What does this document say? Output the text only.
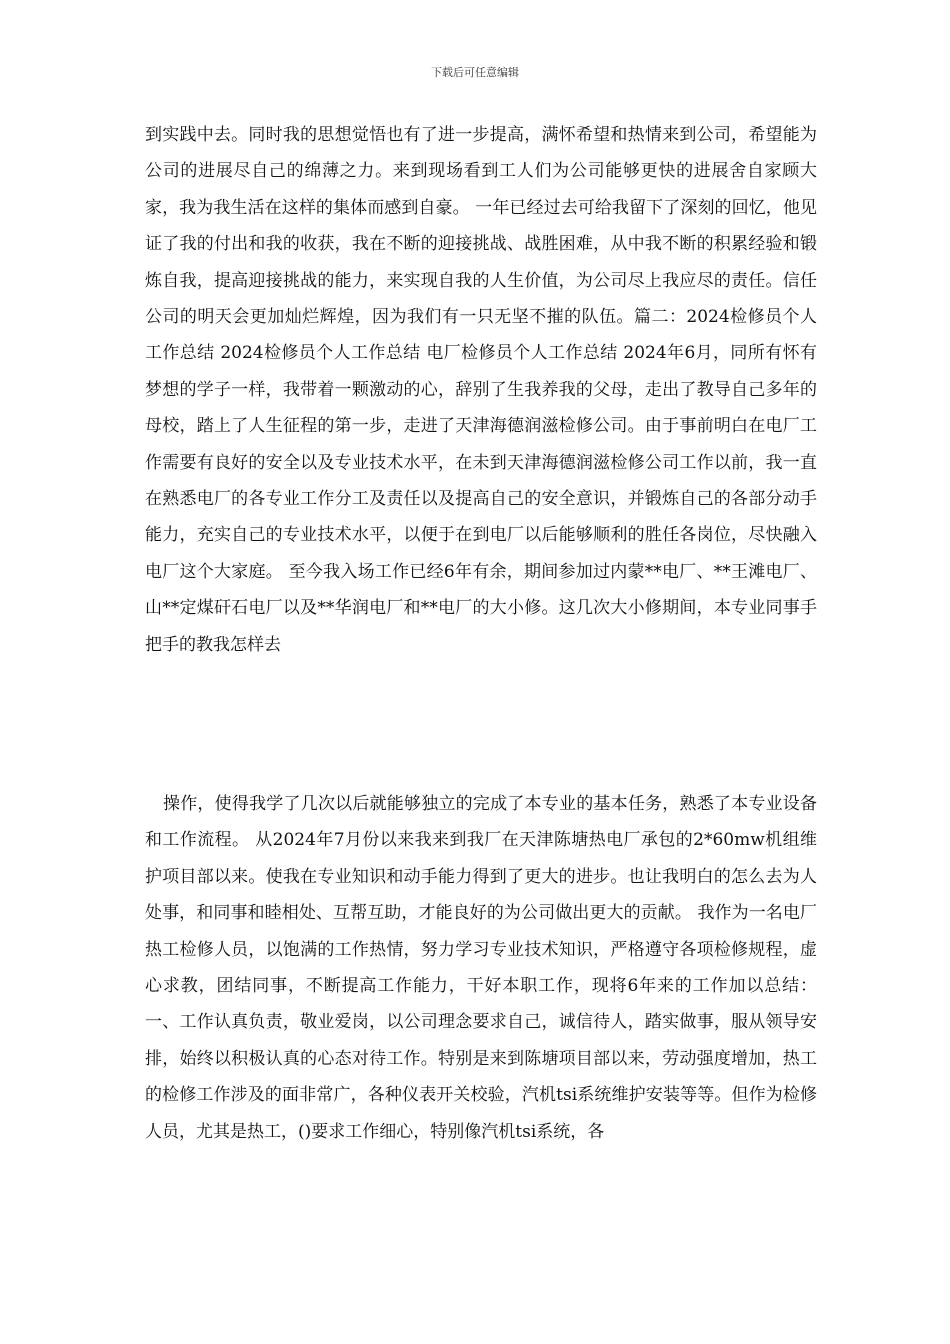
下载后可任意编辑

到实践中去。同时我的思想觉悟也有了进一步提高，满怀希望和热情来到公司，希望能为公司的进展尽自己的绵薄之力。来到现场看到工人们为公司能够更快的进展舍自家顾大家，我为我生活在这样的集体而感到自豪。 一年已经过去可给我留下了深刻的回忆，他见证了我的付出和我的收获，我在不断的迎接挑战、战胜困难，从中我不断的积累经验和锻炼自我，提高迎接挑战的能力，来实现自我的人生价值，为公司尽上我应尽的责任。信任公司的明天会更加灿烂辉煌，因为我们有一只无坚不摧的队伍。篇二：2024检修员个人工作总结 2024检修员个人工作总结 电厂检修员个人工作总结 2024年6月，同所有怀有梦想的学子一样，我带着一颗激动的心，辞别了生我养我的父母，走出了教导自己多年的母校，踏上了人生征程的第一步，走进了天津海德润滋检修公司。由于事前明白在电厂工作需要有良好的安全以及专业技术水平，在未到天津海德润滋检修公司工作以前，我一直在熟悉电厂的各专业工作分工及责任以及提高自己的安全意识，并锻炼自己的各部分动手能力，充实自己的专业技术水平，以便于在到电厂以后能够顺利的胜任各岗位，尽快融入电厂这个大家庭。 至今我入场工作已经6年有余，期间参加过内蒙**电厂、**王滩电厂、山**定煤矸石电厂以及**华润电厂和**电厂的大小修。这几次大小修期间，本专业同事手把手的教我怎样去

操作，使得我学了几次以后就能够独立的完成了本专业的基本任务，熟悉了本专业设备和工作流程。 从2024年7月份以来我来到我厂在天津陈塘热电厂承包的2*60mw机组维护项目部以来。使我在专业知识和动手能力得到了更大的进步。也让我明白的怎么去为人处事，和同事和睦相处、互帮互助，才能良好的为公司做出更大的贡献。 我作为一名电厂热工检修人员，以饱满的工作热情，努力学习专业技术知识，严格遵守各项检修规程，虚心求教，团结同事，不断提高工作能力，干好本职工作，现将6年来的工作加以总结： 一、工作认真负责，敬业爱岗，以公司理念要求自己，诚信待人，踏实做事，服从领导安排，始终以积极认真的心态对待工作。特别是来到陈塘项目部以来，劳动强度增加，热工的检修工作涉及的面非常广，各种仪表开关校验，汽机tsi系统维护安装等等。但作为检修人员，尤其是热工，()要求工作细心，特别像汽机tsi系统，各
